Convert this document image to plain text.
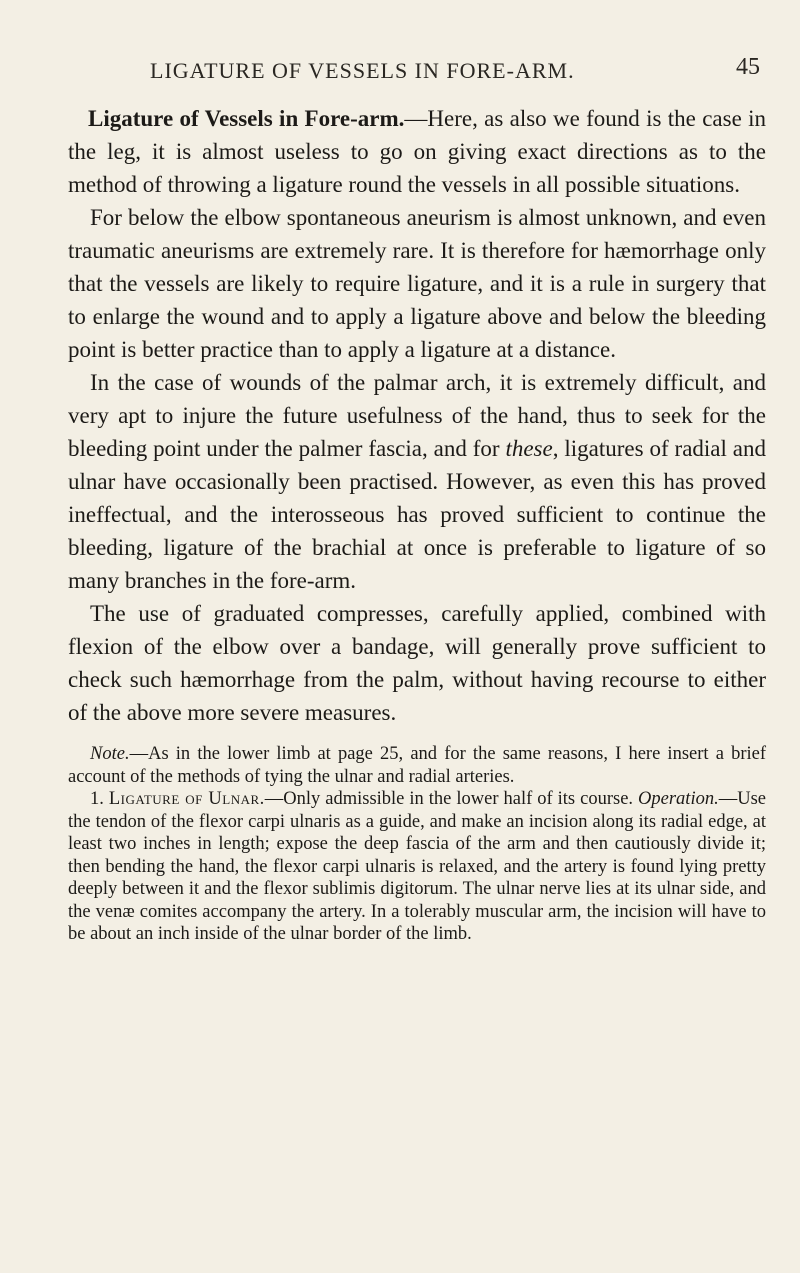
LIGATURE OF VESSELS IN FORE-ARM.	45

Ligature of Vessels in Fore-arm.—Here, as also we found is the case in the leg, it is almost useless to go on giving exact directions as to the method of throwing a ligature round the vessels in all possible situations.

For below the elbow spontaneous aneurism is almost unknown, and even traumatic aneurisms are extremely rare. It is therefore for hæmorrhage only that the vessels are likely to require ligature, and it is a rule in surgery that to enlarge the wound and to apply a ligature above and below the bleeding point is better practice than to apply a ligature at a distance.

In the case of wounds of the palmar arch, it is extremely difficult, and very apt to injure the future usefulness of the hand, thus to seek for the bleeding point under the palmer fascia, and for these, ligatures of radial and ulnar have occasionally been practised. However, as even this has proved ineffectual, and the interosseous has proved sufficient to continue the bleeding, ligature of the brachial at once is preferable to ligature of so many branches in the fore-arm.

The use of graduated compresses, carefully applied, combined with flexion of the elbow over a bandage, will generally prove sufficient to check such hæmorrhage from the palm, without having recourse to either of the above more severe measures.

Note.—As in the lower limb at page 25, and for the same reasons, I here insert a brief account of the methods of tying the ulnar and radial arteries.

1. Ligature of Ulnar.—Only admissible in the lower half of its course. Operation.—Use the tendon of the flexor carpi ulnaris as a guide, and make an incision along its radial edge, at least two inches in length; expose the deep fascia of the arm and then cautiously divide it; then bending the hand, the flexor carpi ulnaris is relaxed, and the artery is found lying pretty deeply between it and the flexor sublimis digitorum. The ulnar nerve lies at its ulnar side, and the venæ comites accompany the artery. In a tolerably muscular arm, the incision will have to be about an inch inside of the ulnar border of the limb.
